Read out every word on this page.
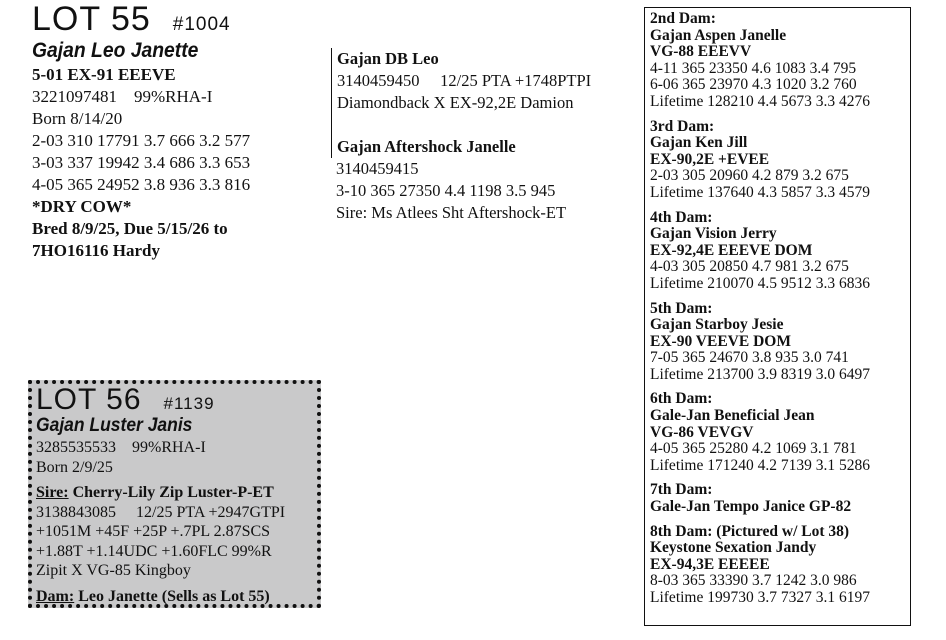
LOT 55 #1004
Gajan Leo Janette
5-01 EX-91 EEEVE
3221097481    99%RHA-I
Born 8/14/20
2-03 310 17791 3.7 666 3.2 577
3-03 337 19942 3.4 686 3.3 653
4-05 365 24952 3.8 936 3.3 816
*DRY COW*
Bred 8/9/25, Due 5/15/26 to
7HO16116 Hardy
Gajan DB Leo
3140459450     12/25 PTA +1748PTPI
Diamondback X EX-92,2E Damion
Gajan Aftershock Janelle
3140459415
3-10 365 27350 4.4 1198 3.5 945
Sire: Ms Atlees Sht Aftershock-ET
LOT 56 #1139
Gajan Luster Janis
3285535533    99%RHA-I
Born 2/9/25
Sire: Cherry-Lily Zip Luster-P-ET
3138843085     12/25 PTA +2947GTPI
+1051M +45F +25P +.7PL 2.87SCS
+1.88T +1.14UDC +1.60FLC 99%R
Zipit X VG-85 Kingboy
Dam: Leo Janette (Sells as Lot 55)
2nd Dam:
Gajan Aspen Janelle
VG-88 EEEVV
4-11 365 23350 4.6 1083 3.4 795
6-06 365 23970 4.3 1020 3.2 760
Lifetime 128210 4.4 5673 3.3 4276
3rd Dam:
Gajan Ken Jill
EX-90,2E +EVEE
2-03 305 20960 4.2 879 3.2 675
Lifetime 137640 4.3 5857 3.3 4579
4th Dam:
Gajan Vision Jerry
EX-92,4E EEEVE DOM
4-03 305 20850 4.7 981 3.2 675
Lifetime 210070 4.5 9512 3.3 6836
5th Dam:
Gajan Starboy Jesie
EX-90 VEEVE DOM
7-05 365 24670 3.8 935 3.0 741
Lifetime 213700 3.9 8319 3.0 6497
6th Dam:
Gale-Jan Beneficial Jean
VG-86 VEVGV
4-05 365 25280 4.2 1069 3.1 781
Lifetime 171240 4.2 7139 3.1 5286
7th Dam:
Gale-Jan Tempo Janice GP-82
8th Dam: (Pictured w/ Lot 38)
Keystone Sexation Jandy
EX-94,3E EEEEE
8-03 365 33390 3.7 1242 3.0 986
Lifetime 199730 3.7 7327 3.1 6197
